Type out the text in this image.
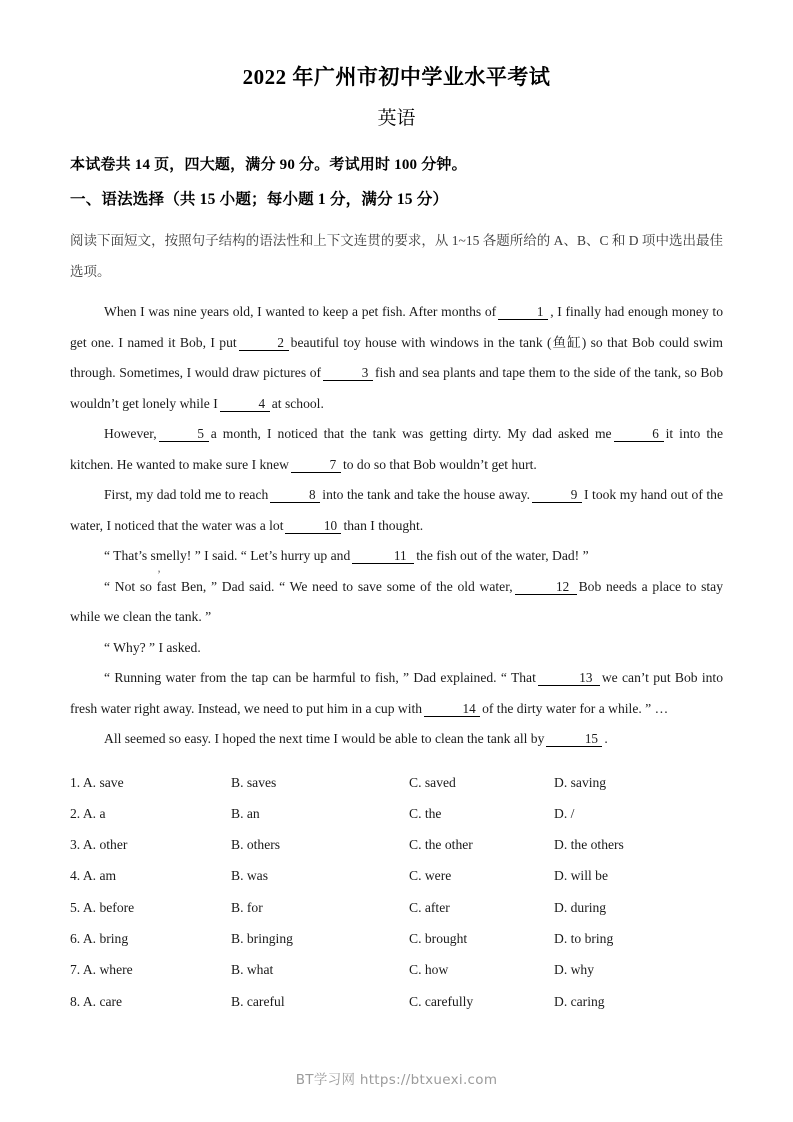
2022 年广州市初中学业水平考试
英语

本试卷共 14 页，四大题，满分 90 分。考试用时 100 分钟。

一、语法选择（共 15 小题；每小题 1 分，满分 15 分）

阅读下面短文，按照句子结构的语法性和上下文连贯的要求，从 1~15 各题所给的 A、B、C 和 D 项中选出最佳选项。

When I was nine years old, I wanted to keep a pet fish. After months of	1 , I finally had enough money to get one. I named it Bob, I put	2 beautiful toy house with windows in the tank (鱼缸) so that Bob could swim through. Sometimes, I would draw pictures of	3 fish and sea plants and tape them to the side of the tank, so Bob wouldn’t get lonely while I	4 at school.

However,	5 a month, I noticed that the tank was getting dirty. My dad asked me	6 it into the kitchen. He wanted to make sure I knew	7 to do so that Bob wouldn’t get hurt.

First, my dad told me to reach	8 into the tank and take the house away.	9 I took my hand out of the water, I noticed that the water was a lot	10 than I thought.

“ That’s smelly! ” I said. “ Let’s hurry up and	11 the fish out of the water, Dad! ”

“ Not so fast Ben, ” Dad said. “ We need to save some of the old water,	12 Bob needs a place to stay while we clean the tank. ”

“ Why? ” I asked.

“ Running water from the tap can be harmful to fish, ” Dad explained. “ That	13 we can’t put Bob into fresh water right away. Instead, we need to put him in a cup with	14 of the dirty water for a while. ” …

All seemed so easy. I hoped the next time I would be able to clean the tank all by	15 .

’
1. A. save	B. saves	C. saved	D. saving
2. A. a	B. an	C. the	D. /
3. A. other	B. others	C. the other	D. the others
4. A. am	B. was	C. were	D. will be
5. A. before	B. for	C. after	D. during
6. A. bring	B. bringing	C. brought	D. to bring
7. A. where	B. what	C. how	D. why
8. A. care	B. careful	C. carefully	D. caring
BT学习网 https://btxuexi.com
